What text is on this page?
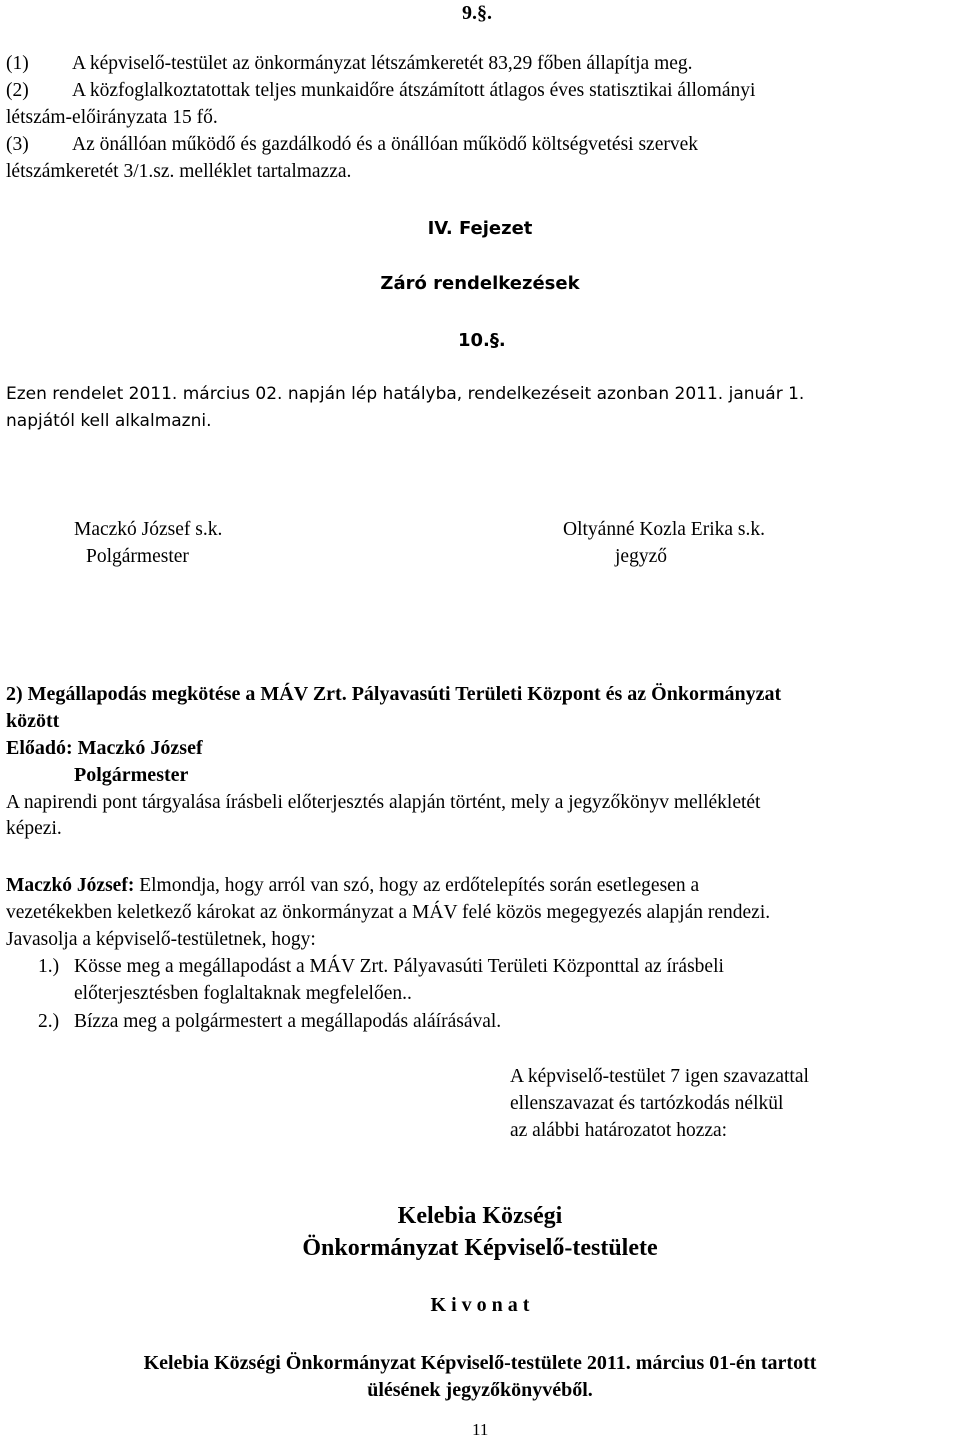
9.§.
(1) A képviselő-testület az önkormányzat létszámkeretét 83,29 főben állapítja meg.
(2) A közfoglalkoztatottak teljes munkaidőre átszámított átlagos éves statisztikai állományi
létszám-előirányzata 15 fő.
(3) Az önállóan működő és gazdálkodó és a önállóan működő költségvetési szervek
létszámkeretét 3/1.sz. melléklet tartalmazza.
IV. Fejezet
Záró rendelkezések
10.§.
Ezen rendelet 2011. március 02. napján lép hatályba, rendelkezéseit azonban 2011. január 1.
napjától kell alkalmazni.
Maczkó József s.k.
Polgármester
Oltyánné Kozla Erika s.k.
jegyző
2) Megállapodás megkötése a MÁV Zrt. Pályavasúti Területi Központ és az Önkormányzat
között
Előadó: Maczkó József
Polgármester
A napirendi pont tárgyalása írásbeli előterjesztés alapján történt, mely a jegyzőkönyv mellékletét
képezi.
Maczkó József: Elmondja, hogy arról van szó, hogy az erdőtelepítés során esetlegesen a
vezetékekben keletkező károkat az önkormányzat a MÁV felé közös megegyezés alapján rendezi.
Javasolja a képviselő-testületnek, hogy:
1.) Kösse meg a megállapodást a MÁV Zrt. Pályavasúti Területi Központtal az írásbeli
előterjesztésben foglaltaknak megfelelően..
2.) Bízza meg a polgármestert a megállapodás aláírásával.
A képviselő-testület 7 igen szavazattal
ellenszavazat és tartózkodás nélkül
az alábbi határozatot hozza:
Kelebia Községi
Önkormányzat Képviselő-testülete
K i v o n a t
Kelebia Községi Önkormányzat Képviselő-testülete 2011. március 01-én tartott
ülésének jegyzőkönyvéből.
11
